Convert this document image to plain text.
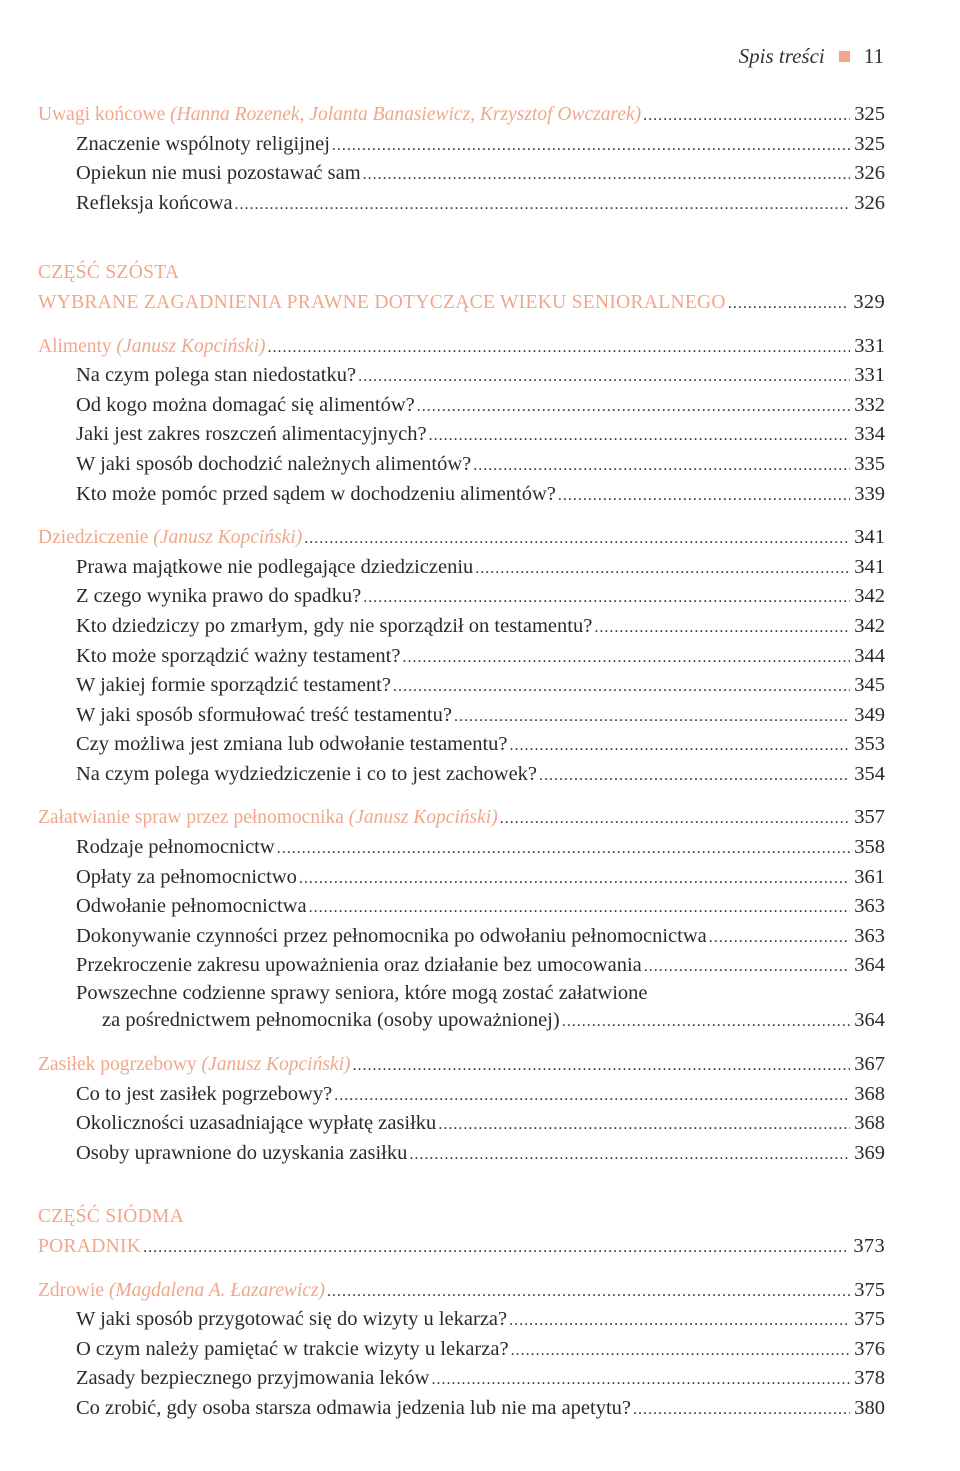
Spis treści 11
Uwagi końcowe (Hanna Rozenek, Jolanta Banasiewicz, Krzysztof Owczarek) .....	325
Znaczenie wspólnoty religijnej .....	325
Opiekun nie musi pozostawać sam .....	326
Refleksja końcowa .....	326
CZĘŚĆ SZÓSTA
WYBRANE ZAGADNIENIA PRAWNE DOTYCZĄCE WIEKU SENIORALNEGO .....	329
Alimenty (Janusz Kopciński) .....	331
Na czym polega stan niedostatku? .....	331
Od kogo można domagać się alimentów? .....	332
Jaki jest zakres roszczeń alimentacyjnych? .....	334
W jaki sposób dochodzić należnych alimentów? .....	335
Kto może pomóc przed sądem w dochodzeniu alimentów? .....	339
Dziedziczenie (Janusz Kopciński) .....	341
Prawa majątkowe nie podlegające dziedziczeniu .....	341
Z czego wynika prawo do spadku? .....	342
Kto dziedziczy po zmarłym, gdy nie sporządził on testamentu? .....	342
Kto może sporządzić ważny testament? .....	344
W jakiej formie sporządzić testament? .....	345
W jaki sposób sformułować treść testamentu? .....	349
Czy możliwa jest zmiana lub odwołanie testamentu? .....	353
Na czym polega wydziedziczenie i co to jest zachowek? .....	354
Załatwianie spraw przez pełnomocnika (Janusz Kopciński) .....	357
Rodzaje pełnomocnictw .....	358
Opłaty za pełnomocnictwo .....	361
Odwołanie pełnomocnictwa .....	363
Dokonywanie czynności przez pełnomocnika po odwołaniu pełnomocnictwa .....	363
Przekroczenie zakresu upoważnienia oraz działanie bez umocowania .....	364
Powszechne codzienne sprawy seniora, które mogą zostać załatwione
za pośrednictwem pełnomocnika (osoby upoważnionej) .....	364
Zasiłek pogrzebowy (Janusz Kopciński) .....	367
Co to jest zasiłek pogrzebowy? .....	368
Okoliczności uzasadniające wypłatę zasiłku .....	368
Osoby uprawnione do uzyskania zasiłku .....	369
CZĘŚĆ SIÓDMA
PORADNIK .....	373
Zdrowie (Magdalena A. Łazarewicz) .....	375
W jaki sposób przygotować się do wizyty u lekarza? .....	375
O czym należy pamiętać w trakcie wizyty u lekarza? .....	376
Zasady bezpiecznego przyjmowania leków .....	378
Co zrobić, gdy osoba starsza odmawia jedzenia lub nie ma apetytu? .....	380
